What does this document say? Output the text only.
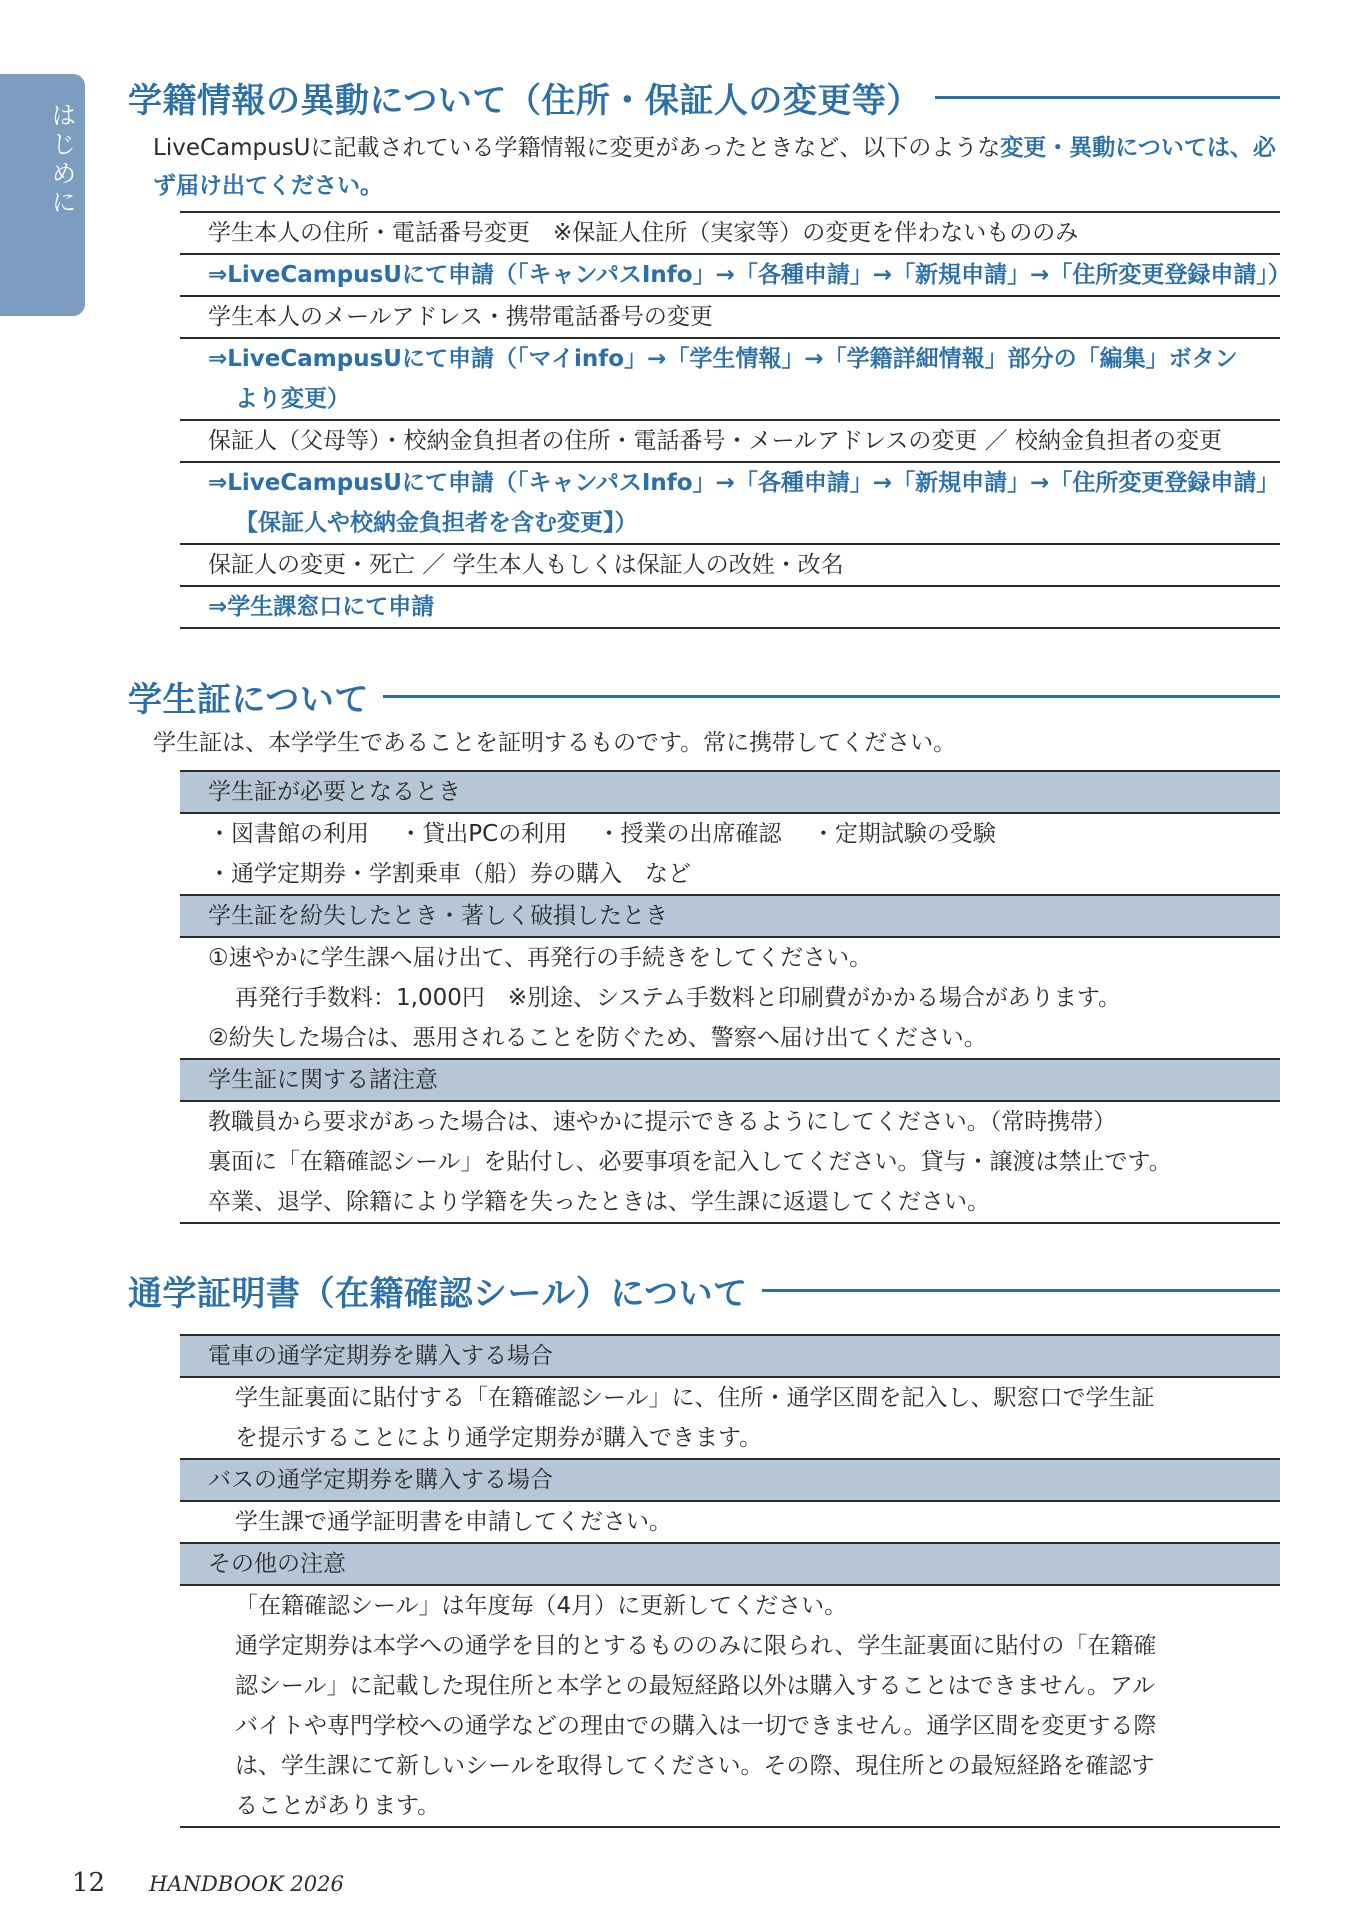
はじめに
学籍情報の異動について（住所・保証人の変更等）

LiveCampusUに記載されている学籍情報に変更があったときなど、以下のような変更・異動については、必ず届け出てください。

学生本人の住所・電話番号変更　※保証人住所（実家等）の変更を伴わないもののみ
⇒LiveCampusUにて申請（「キャンパスInfo」→「各種申請」→「新規申請」→「住所変更登録申請」）
学生本人のメールアドレス・携帯電話番号の変更
⇒LiveCampusUにて申請（「マイinfo」→「学生情報」→「学籍詳細情報」部分の「編集」ボタン
より変更）
保証人（父母等）・校納金負担者の住所・電話番号・メールアドレスの変更 ／ 校納金負担者の変更
⇒LiveCampusUにて申請（「キャンパスInfo」→「各種申請」→「新規申請」→「住所変更登録申請」
【保証人や校納金負担者を含む変更】）
保証人の変更・死亡 ／ 学生本人もしくは保証人の改姓・改名
⇒学生課窓口にて申請
学生証について

学生証は、本学学生であることを証明するものです。常に携帯してください。

学生証が必要となるとき
・図書館の利用　 ・貸出PCの利用　 ・授業の出席確認　 ・定期試験の受験
・通学定期券・学割乗車（船）券の購入　など
学生証を紛失したとき・著しく破損したとき
①速やかに学生課へ届け出て、再発行の手続きをしてください。
再発行手数料：1,000円　※別途、システム手数料と印刷費がかかる場合があります。
②紛失した場合は、悪用されることを防ぐため、警察へ届け出てください。
学生証に関する諸注意
教職員から要求があった場合は、速やかに提示できるようにしてください。（常時携帯）
裏面に「在籍確認シール」を貼付し、必要事項を記入してください。貸与・譲渡は禁止です。
卒業、退学、除籍により学籍を失ったときは、学生課に返還してください。
通学証明書（在籍確認シール）について
電車の通学定期券を購入する場合
学生証裏面に貼付する「在籍確認シール」に、住所・通学区間を記入し、駅窓口で学生証
を提示することにより通学定期券が購入できます。
バスの通学定期券を購入する場合
学生課で通学証明書を申請してください。
その他の注意
「在籍確認シール」は年度毎（4月）に更新してください。
通学定期券は本学への通学を目的とするもののみに限られ、学生証裏面に貼付の「在籍確
認シール」に記載した現住所と本学との最短経路以外は購入することはできません。アル
バイトや専門学校への通学などの理由での購入は一切できません。通学区間を変更する際
は、学生課にて新しいシールを取得してください。その際、現住所との最短経路を確認す
ることがあります。
12 HANDBOOK 2026
